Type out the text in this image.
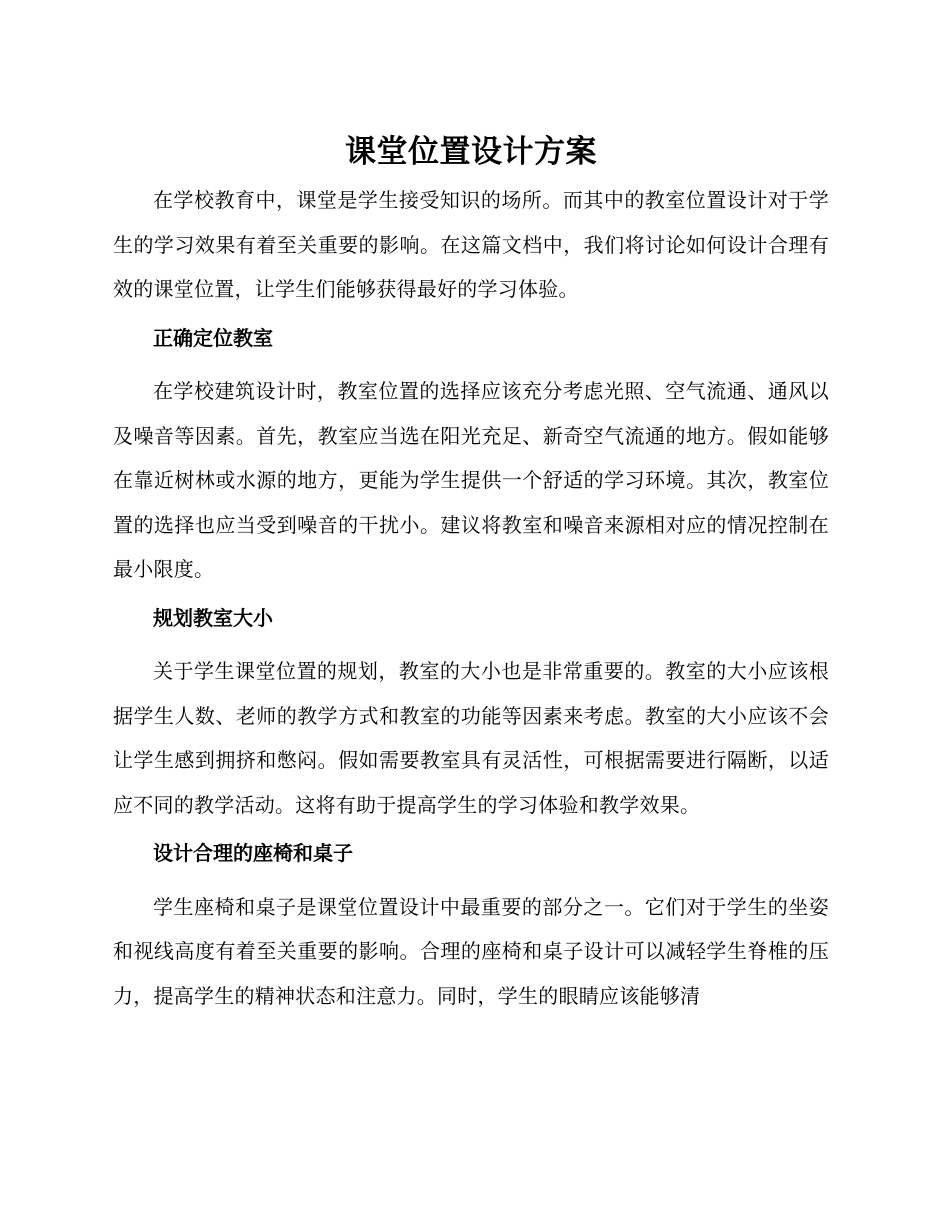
课堂位置设计方案

在学校教育中，课堂是学生接受知识的场所。而其中的教室位置设计对于学生的学习效果有着至关重要的影响。在这篇文档中，我们将讨论如何设计合理有效的课堂位置，让学生们能够获得最好的学习体验。

正确定位教室

在学校建筑设计时，教室位置的选择应该充分考虑光照、空气流通、通风以及噪音等因素。首先，教室应当选在阳光充足、新奇空气流通的地方。假如能够在靠近树林或水源的地方，更能为学生提供一个舒适的学习环境。其次，教室位置的选择也应当受到噪音的干扰小。建议将教室和噪音来源相对应的情况控制在最小限度。

规划教室大小

关于学生课堂位置的规划，教室的大小也是非常重要的。教室的大小应该根据学生人数、老师的教学方式和教室的功能等因素来考虑。教室的大小应该不会让学生感到拥挤和憋闷。假如需要教室具有灵活性，可根据需要进行隔断，以适应不同的教学活动。这将有助于提高学生的学习体验和教学效果。

设计合理的座椅和桌子

学生座椅和桌子是课堂位置设计中最重要的部分之一。它们对于学生的坐姿和视线高度有着至关重要的影响。合理的座椅和桌子设计可以减轻学生脊椎的压力，提高学生的精神状态和注意力。同时，学生的眼睛应该能够清
